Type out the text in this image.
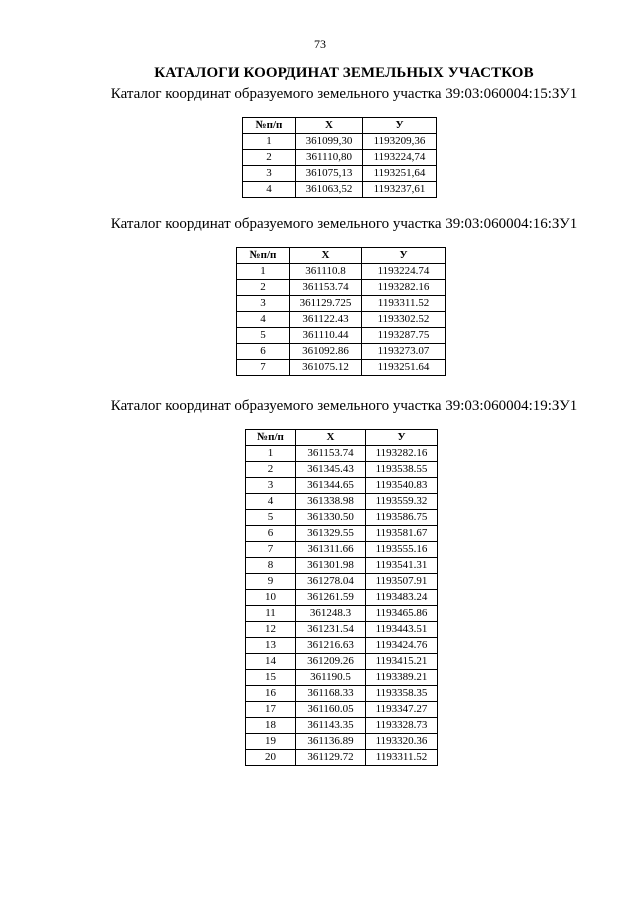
73
КАТАЛОГИ КООРДИНАТ ЗЕМЕЛЬНЫХ УЧАСТКОВ
Каталог координат образуемого земельного участка 39:03:060004:15:ЗУ1
№п/п	X	У
1	361099,30	1193209,36
2	361110,80	1193224,74
3	361075,13	1193251,64
4	361063,52	1193237,61
Каталог координат образуемого земельного участка 39:03:060004:16:ЗУ1
№п/п	X	У
1	361110.8	1193224.74
2	361153.74	1193282.16
3	361129.725	1193311.52
4	361122.43	1193302.52
5	361110.44	1193287.75
6	361092.86	1193273.07
7	361075.12	1193251.64
Каталог координат образуемого земельного участка 39:03:060004:19:ЗУ1
№п/п	X	У
1	361153.74	1193282.16
2	361345.43	1193538.55
3	361344.65	1193540.83
4	361338.98	1193559.32
5	361330.50	1193586.75
6	361329.55	1193581.67
7	361311.66	1193555.16
8	361301.98	1193541.31
9	361278.04	1193507.91
10	361261.59	1193483.24
11	361248.3	1193465.86
12	361231.54	1193443.51
13	361216.63	1193424.76
14	361209.26	1193415.21
15	361190.5	1193389.21
16	361168.33	1193358.35
17	361160.05	1193347.27
18	361143.35	1193328.73
19	361136.89	1193320.36
20	361129.72	1193311.52
